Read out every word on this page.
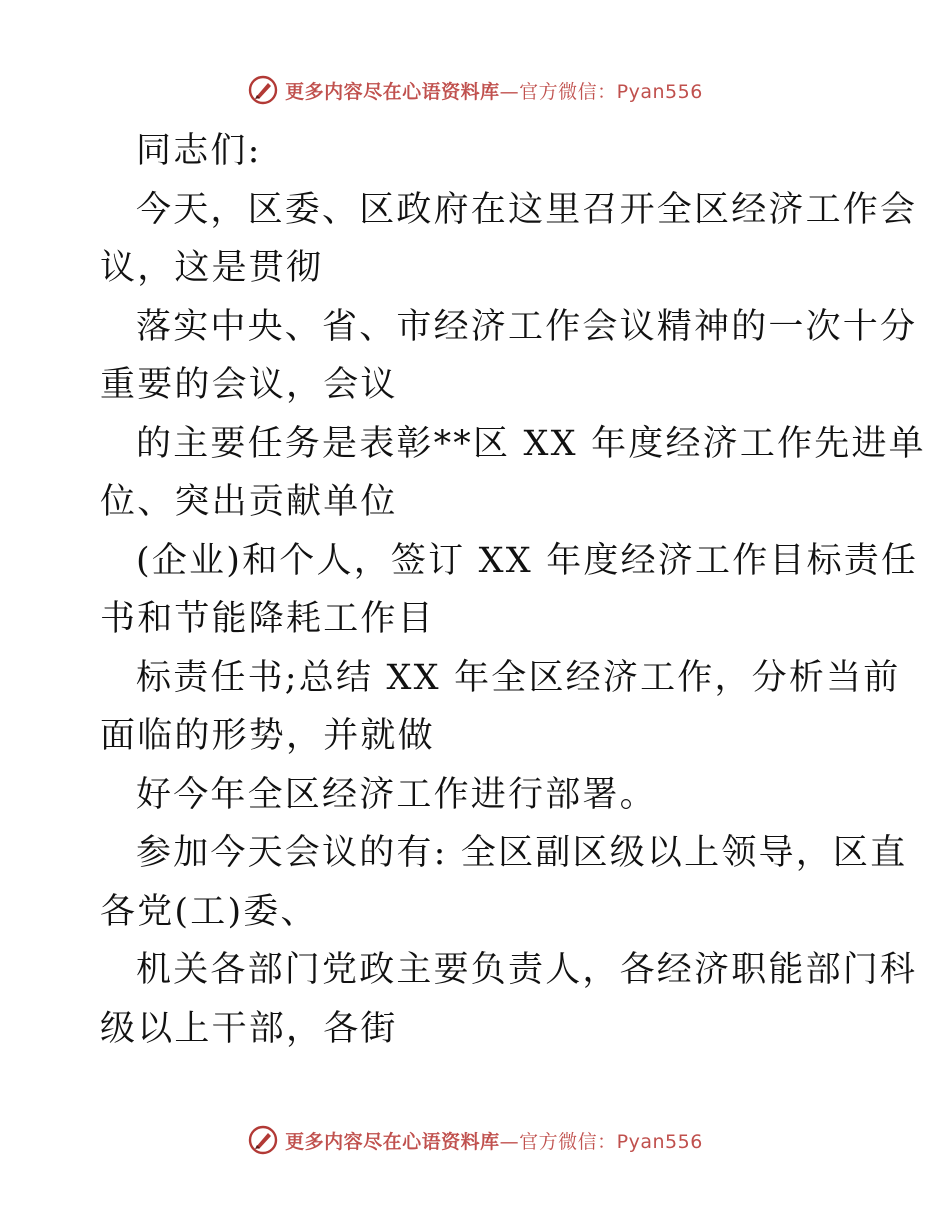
更多内容尽在心语资料库 —官方微信：Pyan556
同志们:
今天，区委、区政府在这里召开全区经济工作会
议，这是贯彻
落实中央、省、市经济工作会议精神的一次十分
重要的会议，会议
的主要任务是表彰**区 XX 年度经济工作先进单
位、突出贡献单位
(企业)和个人，签订 XX 年度经济工作目标责任
书和节能降耗工作目
标责任书;总结 XX 年全区经济工作，分析当前
面临的形势，并就做
好今年全区经济工作进行部署。
参加今天会议的有: 全区副区级以上领导，区直
各党(工)委、
机关各部门党政主要负责人，各经济职能部门科
级以上干部，各街
更多内容尽在心语资料库 —官方微信：Pyan556
